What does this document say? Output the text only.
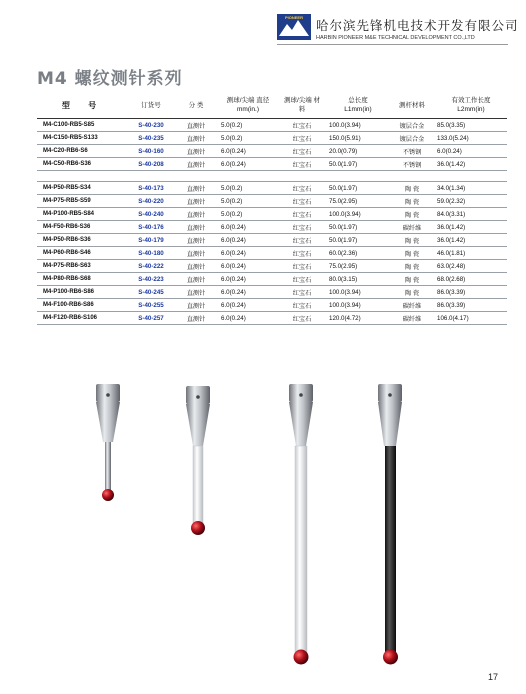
PIONEER
哈尔滨先锋机电技术开发有限公司
HARBIN PIONEER M&E TECHNICAL DEVELOPMENT CO.,LTD
M4 螺纹测针系列
型 号	订货号	分 类	测球/尖端 直径mm(in.)	测球/尖端 材料	总长度 L1mm(in)	测杆材料	有效工作长度 L2mm(in)
M4-C100-RB5-S85	S-40-230	直测针	5.0(0.2)	红宝石	100.0(3.94)	镀层合金	85.0(3.35)
M4-C150-RB5-S133	S-40-235	直测针	5.0(0.2)	红宝石	150.0(5.91)	镀层合金	133.0(5.24)
M4-C20-RB6-S6	S-40-160	直测针	6.0(0.24)	红宝石	20.0(0.79)	不锈钢	6.0(0.24)
M4-C50-RB6-S36	S-40-208	直测针	6.0(0.24)	红宝石	50.0(1.97)	不锈钢	36.0(1.42)

M4-P50-RB5-S34	S-40-173	直测针	5.0(0.2)	红宝石	50.0(1.97)	陶 瓷	34.0(1.34)
M4-P75-RB5-S59	S-40-220	直测针	5.0(0.2)	红宝石	75.0(2.95)	陶 瓷	59.0(2.32)
M4-P100-RB5-S84	S-40-240	直测针	5.0(0.2)	红宝石	100.0(3.94)	陶 瓷	84.0(3.31)
M4-F50-RB6-S36	S-40-176	直测针	6.0(0.24)	红宝石	50.0(1.97)	碳纤维	36.0(1.42)
M4-P50-RB6-S36	S-40-179	直测针	6.0(0.24)	红宝石	50.0(1.97)	陶 瓷	36.0(1.42)
M4-P60-RB6-S46	S-40-180	直测针	6.0(0.24)	红宝石	60.0(2.36)	陶 瓷	46.0(1.81)
M4-P75-RB6-S63	S-40-222	直测针	6.0(0.24)	红宝石	75.0(2.95)	陶 瓷	63.0(2.48)
M4-P80-RB6-S68	S-40-223	直测针	6.0(0.24)	红宝石	80.0(3.15)	陶 瓷	68.0(2.68)
M4-P100-RB6-S86	S-40-245	直测针	6.0(0.24)	红宝石	100.0(3.94)	陶 瓷	86.0(3.39)
M4-F100-RB6-S86	S-40-255	直测针	6.0(0.24)	红宝石	100.0(3.94)	碳纤维	86.0(3.39)
M4-F120-RB6-S106	S-40-257	直测针	6.0(0.24)	红宝石	120.0(4.72)	碳纤维	106.0(4.17)
17
